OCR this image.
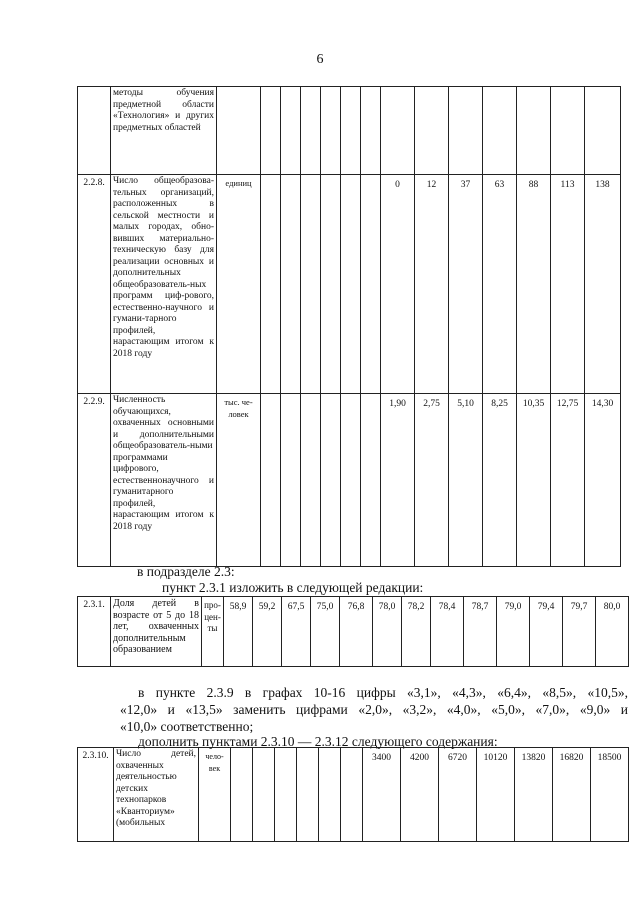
6
	методы обучения предметной области «Технология» и других предметных областей														
2.2.8.	Число общеобразова-тельных организаций, расположенных в сельской местности и малых городах, обно-вивших материально-техническую базу для реализации основных и дополнительных общеобразователь-ных программ циф-рового, естественно-научного и гумани-тарного профилей, нарастающим итогом к 2018 году	единиц							0	12	37	63	88	113	138
2.2.9.	Численность обучающихся, охваченных основными и дополнительными общеобразователь-ными программами цифрового, естественнонаучного и гуманитарного профилей, нарастающим итогом к 2018 году	тыс. че-ловек							1,90	2,75	5,10	8,25	10,35	12,75	14,30
в подразделе 2.3:
пункт 2.3.1 изложить в следующей редакции:
2.3.1.	Доля детей в возрасте от 5 до 18 лет, охваченных дополнительным образованием	про-цен-ты	58,9	59,2	67,5	75,0	76,8	78,0	78,2	78,4	78,7	79,0	79,4	79,7	80,0
в пункте 2.3.9 в графах 10-16 цифры «3,1», «4,3», «6,4», «8,5», «10,5»,
«12,0» и «13,5» заменить цифрами «2,0», «3,2», «4,0», «5,0», «7,0», «9,0» и
«10,0» соответственно;
дополнить пунктами 2.3.10 — 2.3.12 следующего содержания:
2.3.10.	Число детей, охваченных деятельностью детских технопарков «Кванториум» (мобильных	чело-век							3400	4200	6720	10120	13820	16820	18500
